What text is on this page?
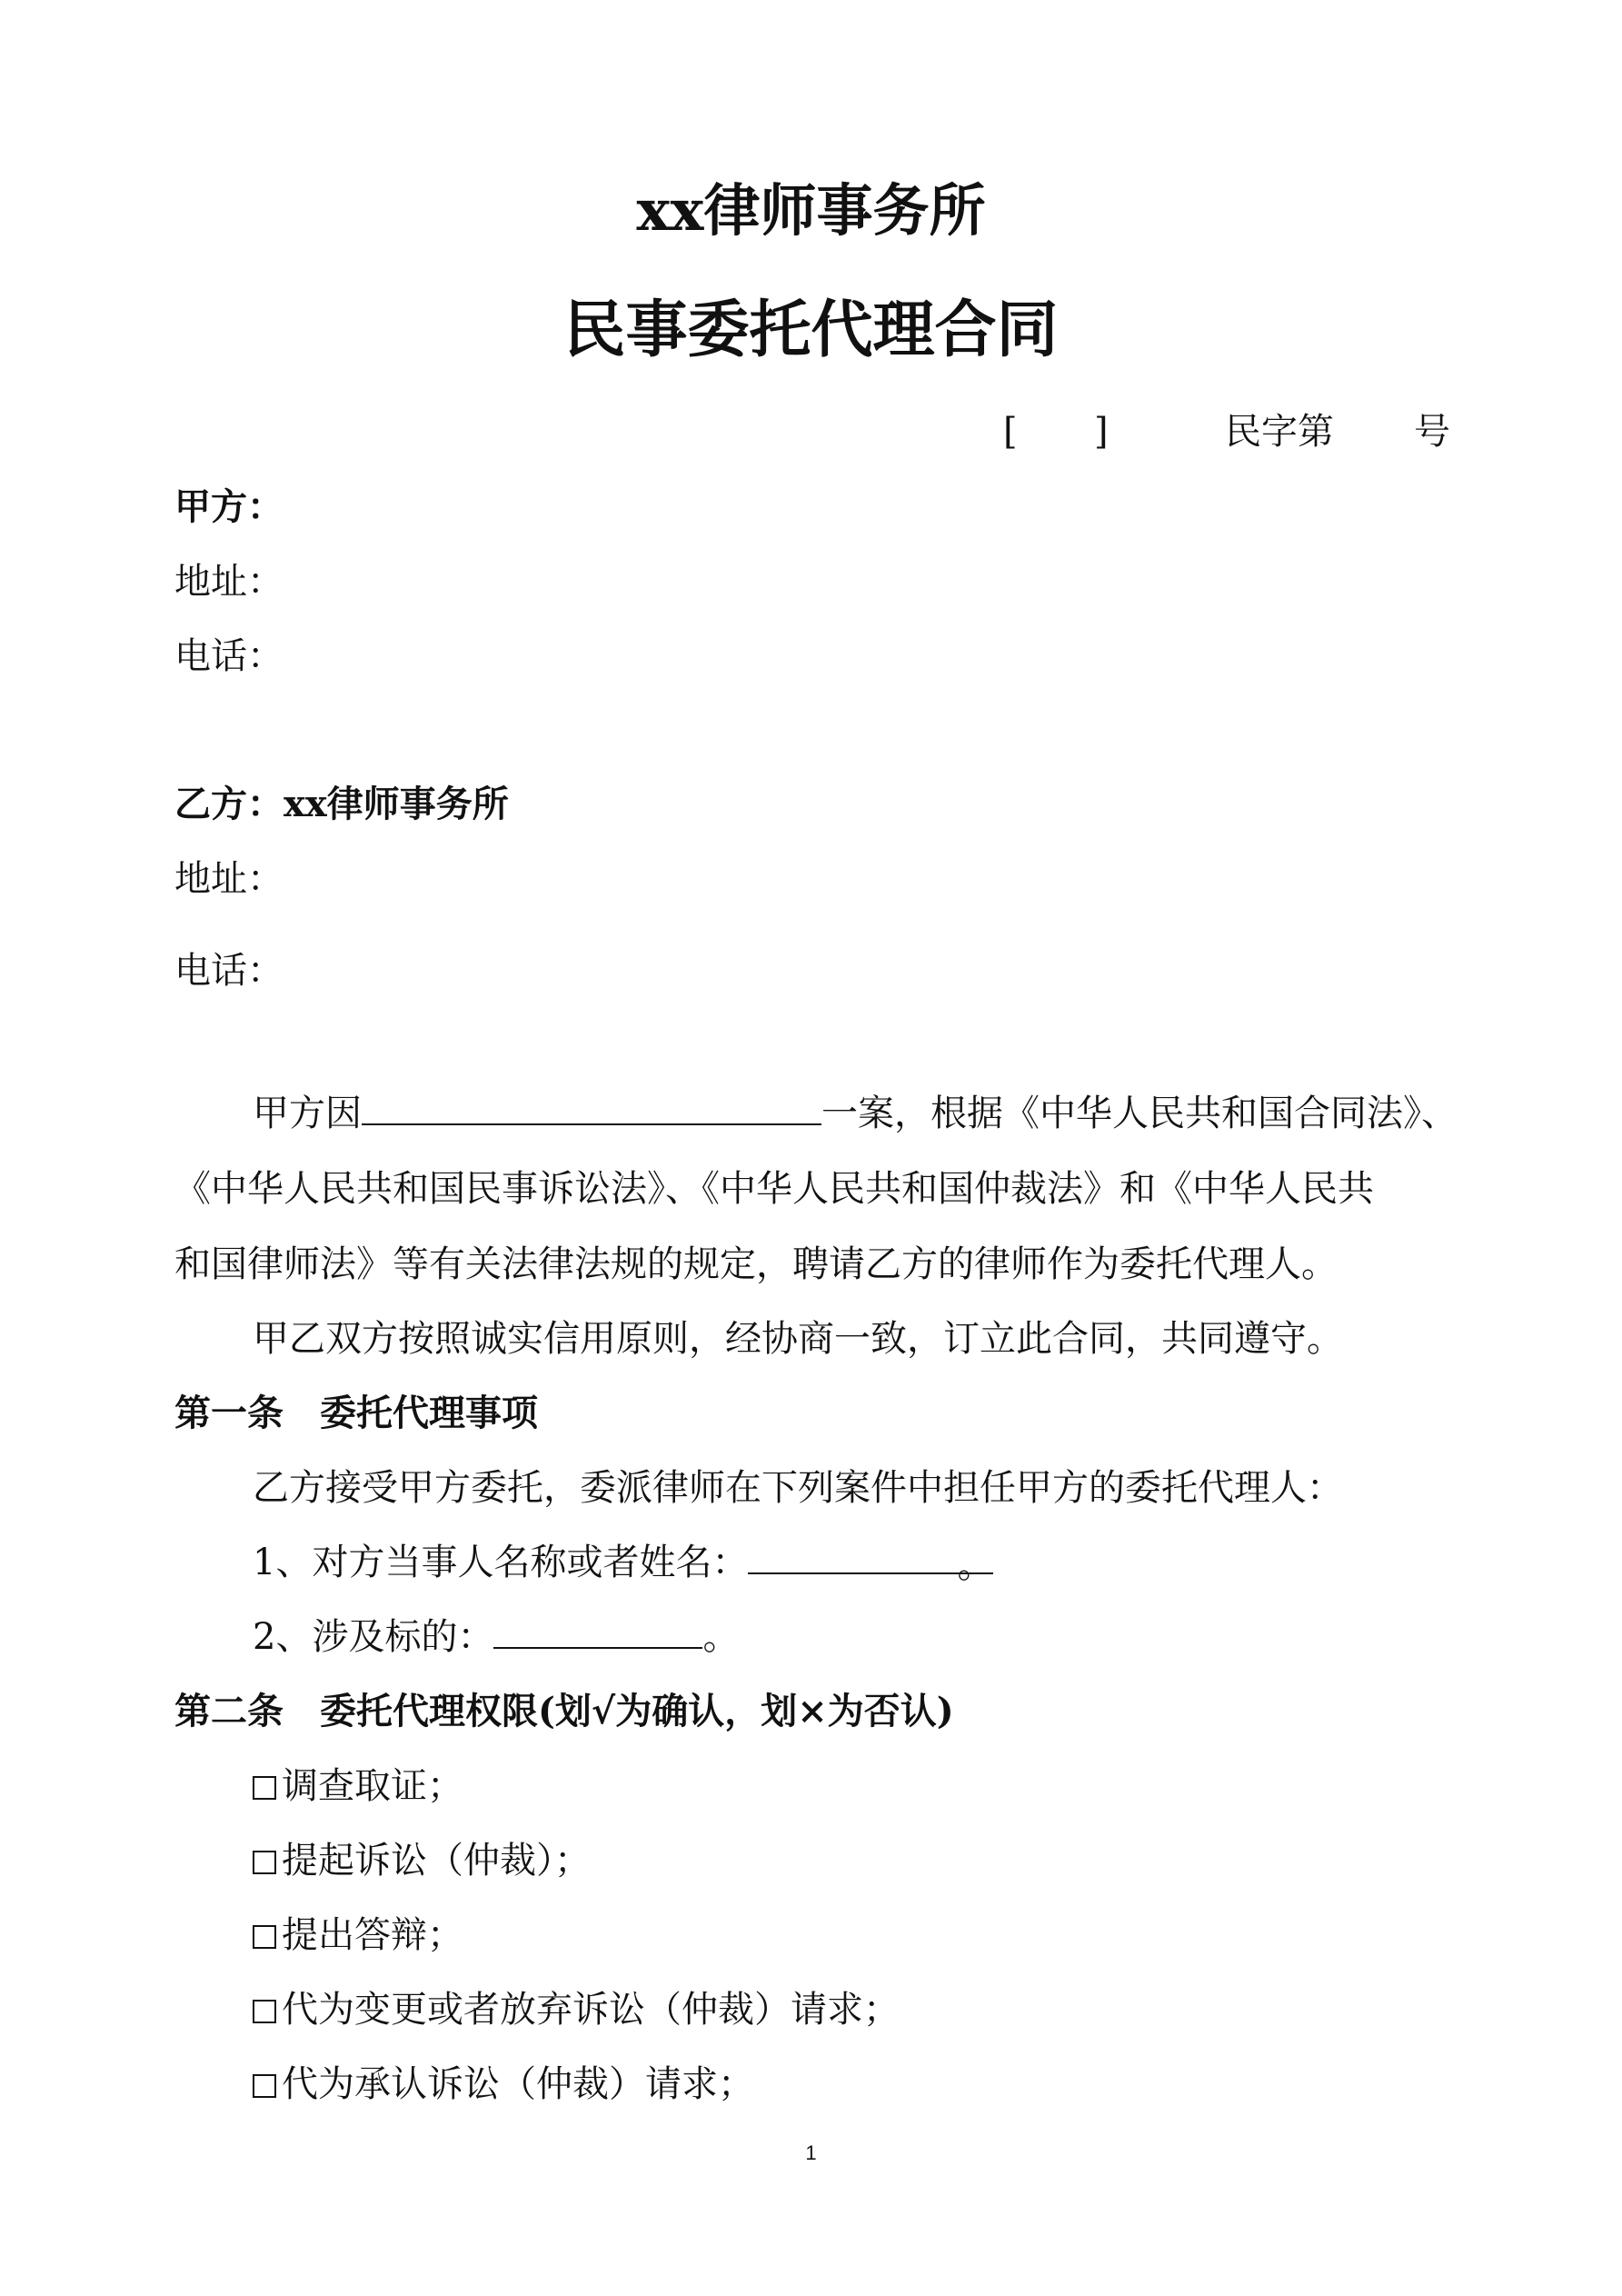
xx律师事务所
民事委托代理合同
[ ]	民字第 号
甲方：
地址：
电话：
乙方：xx律师事务所
地址：
电话：
甲方因	一案，根据《中华人民共和国合同法》、
《中华人民共和国民事诉讼法》、《中华人民共和国仲裁法》和《中华人民共
和国律师法》等有关法律法规的规定，聘请乙方的律师作为委托代理人。
甲乙双方按照诚实信用原则，经协商一致，订立此合同，共同遵守。
第一条　委托代理事项
乙方接受甲方委托，委派律师在下列案件中担任甲方的委托代理人：
1、对方当事人名称或者姓名：	。
2、涉及标的：	。
第二条　委托代理权限(划√为确认，划×为否认)
调查取证；
提起诉讼（仲裁）；
提出答辩；
代为变更或者放弃诉讼（仲裁）请求；
代为承认诉讼（仲裁）请求；
1
